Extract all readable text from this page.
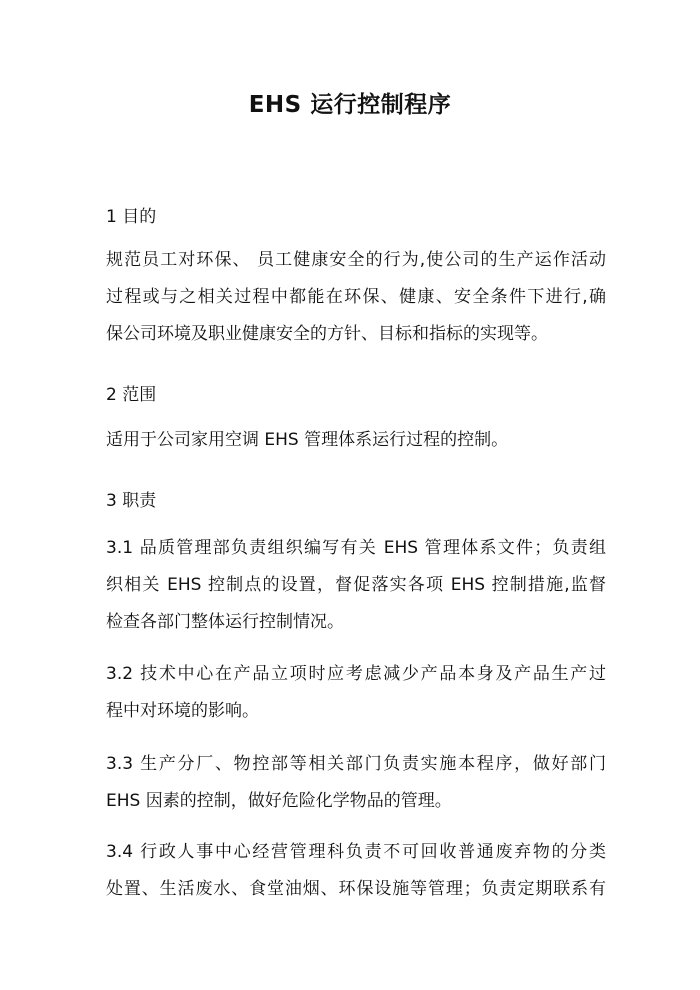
EHS 运行控制程序

1 目的

规范员工对环保、 员工健康安全的行为,使公司的生产运作活动
过程或与之相关过程中都能在环保、健康、安全条件下进行,确
保公司环境及职业健康安全的方针、目标和指标的实现等。

2 范围

适用于公司家用空调 EHS 管理体系运行过程的控制。

3 职责

3.1 品质管理部负责组织编写有关 EHS 管理体系文件；负责组
织相关 EHS 控制点的设置，督促落实各项 EHS 控制措施,监督
检查各部门整体运行控制情况。

3.2 技术中心在产品立项时应考虑减少产品本身及产品生产过
程中对环境的影响。

3.3 生产分厂、物控部等相关部门负责实施本程序，做好部门
EHS 因素的控制，做好危险化学物品的管理。

3.4 行政人事中心经营管理科负责不可回收普通废弃物的分类
处置、生活废水、食堂油烟、环保设施等管理；负责定期联系有
